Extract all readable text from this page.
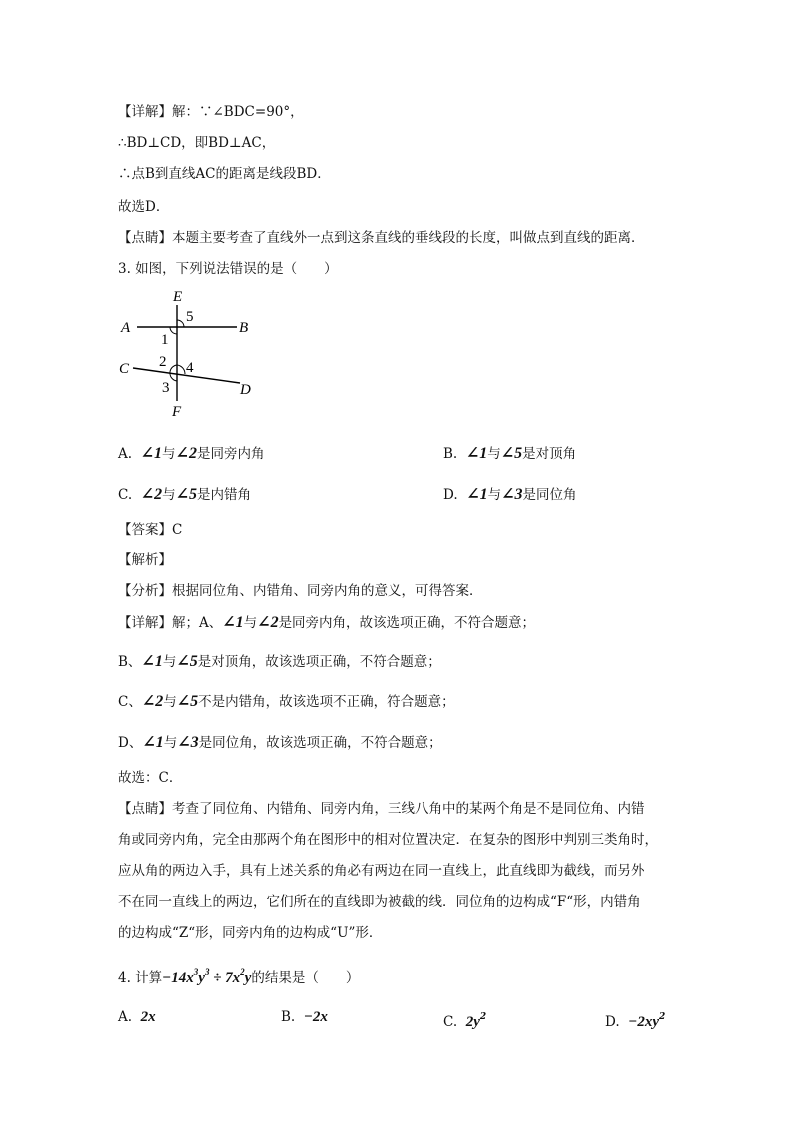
【详解】解：∵∠BDC=90°，
∴BD⊥CD，即BD⊥AC，
∴点B到直线AC的距离是线段BD．
故选D．
【点睛】本题主要考查了直线外一点到这条直线的垂线段的长度，叫做点到直线的距离．
3. 如图，下列说法错误的是（　　）
E
A	B
C
D
F
5
1
2 4
3
A. ∠1与∠2是同旁内角	B. ∠1与∠5是对顶角
C. ∠2与∠5是内错角	D. ∠1与∠3是同位角
【答案】C
【解析】
【分析】根据同位角、内错角、同旁内角的意义，可得答案．
【详解】解；A、∠1与∠2是同旁内角，故该选项正确，不符合题意；
B、∠1与∠5是对顶角，故该选项正确，不符合题意；
C、∠2与∠5不是内错角，故该选项不正确，符合题意；
D、∠1与∠3是同位角，故该选项正确，不符合题意；
故选：C．
【点睛】考查了同位角、内错角、同旁内角，三线八角中的某两个角是不是同位角、内错
角或同旁内角，完全由那两个角在图形中的相对位置决定．在复杂的图形中判别三类角时，
应从角的两边入手，具有上述关系的角必有两边在同一直线上，此直线即为截线，而另外
不在同一直线上的两边，它们所在的直线即为被截的线．同位角的边构成“F“形，内错角
的边构成“Z“形，同旁内角的边构成“U”形．
4. 计算$-14x^3y^3 \div 7x^2y$的结果是（　　）
A. 2x	B. −2x	C. $2y^2$	D. $-2xy^2$
